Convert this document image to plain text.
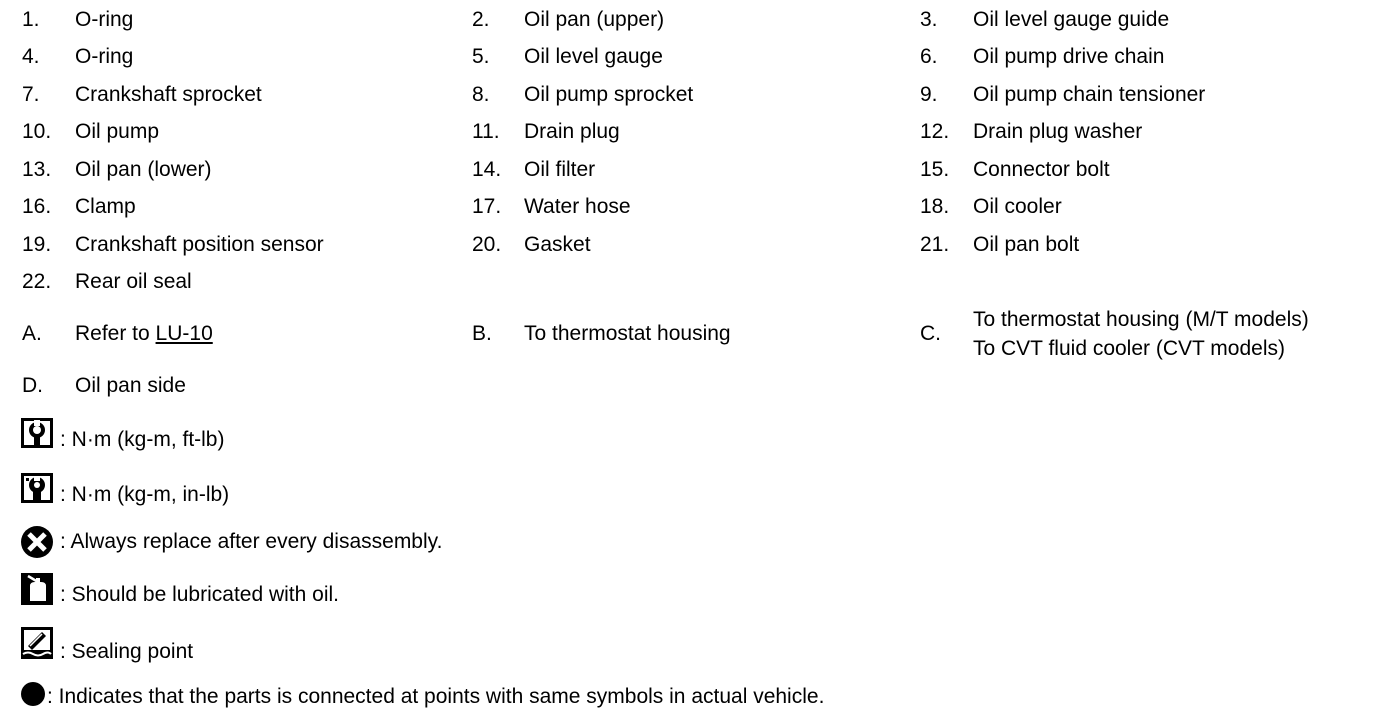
1. O-ring	2. Oil pan (upper)	3. Oil level gauge guide
4. O-ring	5. Oil level gauge	6. Oil pump drive chain
7. Crankshaft sprocket	8. Oil pump sprocket	9. Oil pump chain tensioner
10. Oil pump	11. Drain plug	12. Drain plug washer
13. Oil pan (lower)	14. Oil filter	15. Connector bolt
16. Clamp	17. Water hose	18. Oil cooler
19. Crankshaft position sensor	20. Gasket	21. Oil pan bolt
22. Rear oil seal
A. Refer to LU-10	B. To thermostat housing	C.
To thermostat housing (M/T models)
To CVT fluid cooler (CVT models)
D. Oil pan side
: N·m (kg-m, ft-lb)
: N·m (kg-m, in-lb)
: Always replace after every disassembly.
: Should be lubricated with oil.
: Sealing point
: Indicates that the parts is connected at points with same symbols in actual vehicle.
